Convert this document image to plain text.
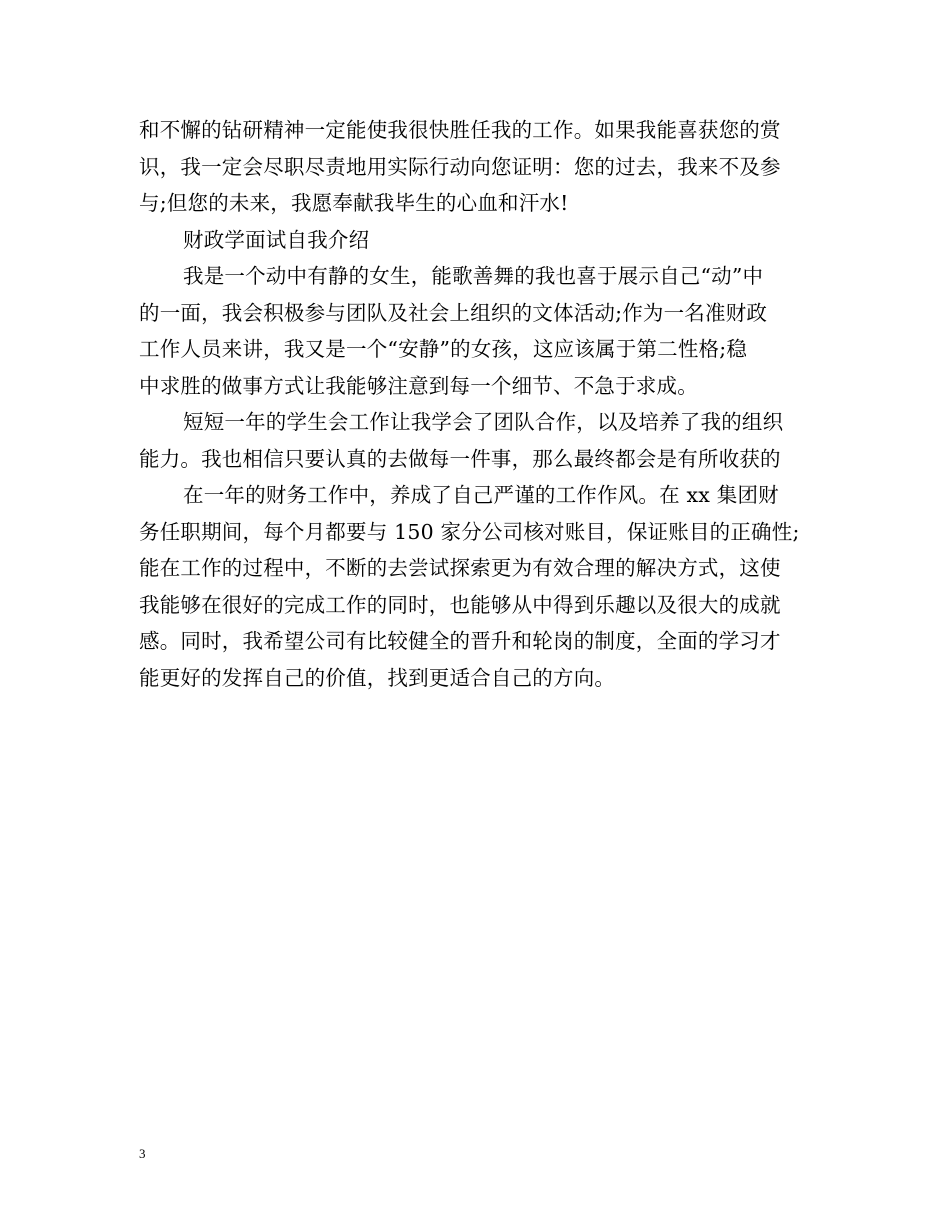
和不懈的钻研精神一定能使我很快胜任我的工作。如果我能喜获您的赏
识，我一定会尽职尽责地用实际行动向您证明：您的过去，我来不及参
与;但您的未来，我愿奉献我毕生的心血和汗水!
财政学面试自我介绍
我是一个动中有静的女生，能歌善舞的我也喜于展示自己“动”中
的一面，我会积极参与团队及社会上组织的文体活动;作为一名准财政
工作人员来讲，我又是一个“安静”的女孩，这应该属于第二性格;稳
中求胜的做事方式让我能够注意到每一个细节、不急于求成。
短短一年的学生会工作让我学会了团队合作，以及培养了我的组织
能力。我也相信只要认真的去做每一件事，那么最终都会是有所收获的
在一年的财务工作中，养成了自己严谨的工作作风。在 xx 集团财
务任职期间，每个月都要与 150 家分公司核对账目，保证账目的正确性;
能在工作的过程中，不断的去尝试探索更为有效合理的解决方式，这使
我能够在很好的完成工作的同时，也能够从中得到乐趣以及很大的成就
感。同时，我希望公司有比较健全的晋升和轮岗的制度，全面的学习才
能更好的发挥自己的价值，找到更适合自己的方向。
3
